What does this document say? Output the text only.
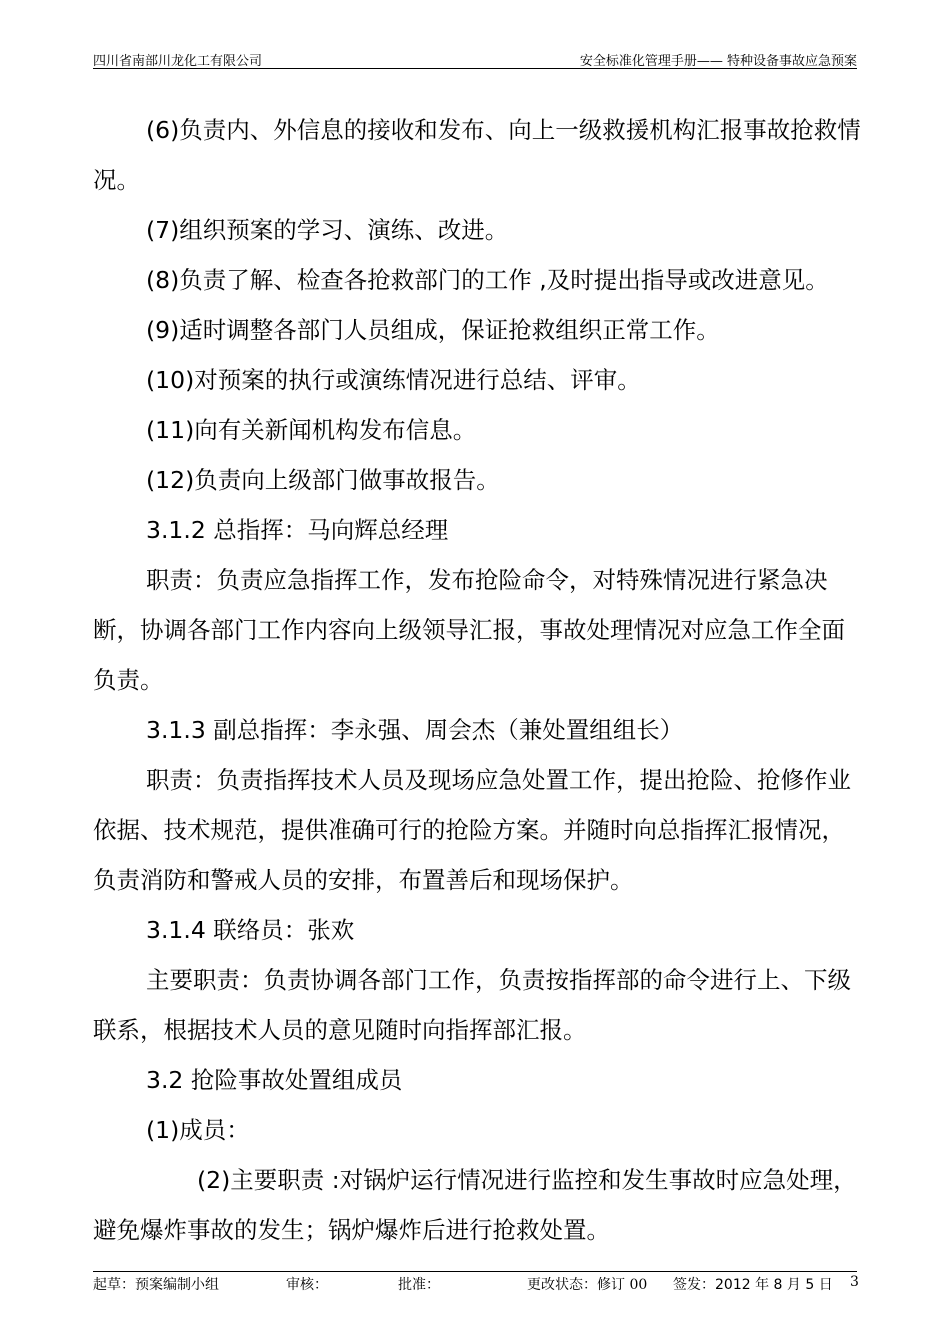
四川省南部川龙化工有限公司	安全标准化管理手册—— 特种设备事故应急预案

(6)负责内、外信息的接收和发布、向上一级救援机构汇报事故抢救情况。

(7)组织预案的学习、演练、改进。

(8)负责了解、检查各抢救部门的工作 ,及时提出指导或改进意见。

(9)适时调整各部门人员组成，保证抢救组织正常工作。

(10)对预案的执行或演练情况进行总结、评审。

(11)向有关新闻机构发布信息。

(12)负责向上级部门做事故报告。

3.1.2 总指挥：马向辉总经理

职责：负责应急指挥工作，发布抢险命令，对特殊情况进行紧急决断，协调各部门工作内容向上级领导汇报，事故处理情况对应急工作全面负责。

3.1.3 副总指挥：李永强、周会杰（兼处置组组长）

职责：负责指挥技术人员及现场应急处置工作，提出抢险、抢修作业依据、技术规范，提供准确可行的抢险方案。并随时向总指挥汇报情况，负责消防和警戒人员的安排，布置善后和现场保护。

3.1.4 联络员：张欢

主要职责：负责协调各部门工作，负责按指挥部的命令进行上、下级联系，根据技术人员的意见随时向指挥部汇报。

3.2 抢险事故处置组成员

(1)成员：

(2)主要职责 :对锅炉运行情况进行监控和发生事故时应急处理，避免爆炸事故的发生；锅炉爆炸后进行抢救处置。

起草：预案编制小组	审核：	批准：	更改状态： 修订 00 签发：2012 年 8 月 5 日 3
